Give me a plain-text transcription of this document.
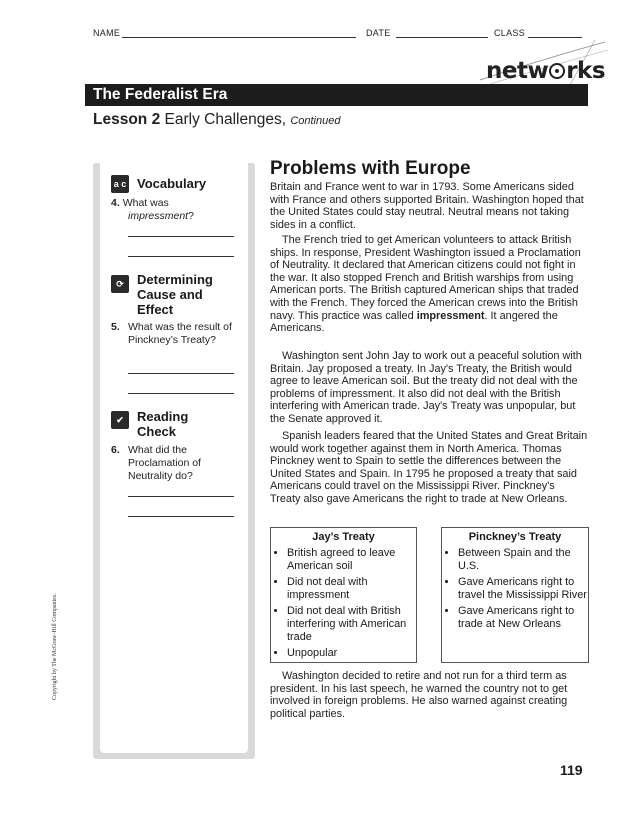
NAME	DATE	CLASS
netw rks
The Federalist Era
Lesson 2 Early Challenges, Continued
a c Vocabulary
4. What was
impressment?
⟳	Determining Cause and Effect
5. What was the result of Pinckney’s Treaty?
✔	Reading Check
6. What did the Proclamation of Neutrality do?
Problems with Europe

Britain and France went to war in 1793. Some Americans sided with France and others supported Britain. Washington hoped that the United States could stay neutral. Neutral means not taking sides in a conflict.

The French tried to get American volunteers to attack British ships. In response, President Washington issued a Proclamation of Neutrality. It declared that American citizens could not fight in the war. It also stopped French and British warships from using American ports. The British captured American ships that traded with the French. They forced the American crews into the British navy. This practice was called impressment. It angered the Americans.

Washington sent John Jay to work out a peaceful solution with Britain. Jay proposed a treaty. In Jay's Treaty, the British would agree to leave American soil. But the treaty did not deal with the problems of impressment. It also did not deal with the British interfering with American trade. Jay's Treaty was unpopular, but the Senate approved it.

Spanish leaders feared that the United States and Great Britain would work together against them in North America. Thomas Pinckney went to Spain to settle the differences between the United States and Spain. In 1795 he proposed a treaty that said Americans could travel on the Mississippi River. Pinckney's Treaty also gave Americans the right to trade at New Orleans.

Jay’s Treaty
• British agreed to leave American soil
• Did not deal with impressment
• Did not deal with British interfering with American trade
• Unpopular
Pinckney’s Treaty
• Between Spain and the U.S.
• Gave Americans right to travel the Mississippi River
• Gave Americans right to trade at New Orleans

Washington decided to retire and not run for a third term as president. In his last speech, he warned the country not to get involved in foreign problems. He also warned against creating political parties.

119
Copyright by The McGraw-Hill Companies.
